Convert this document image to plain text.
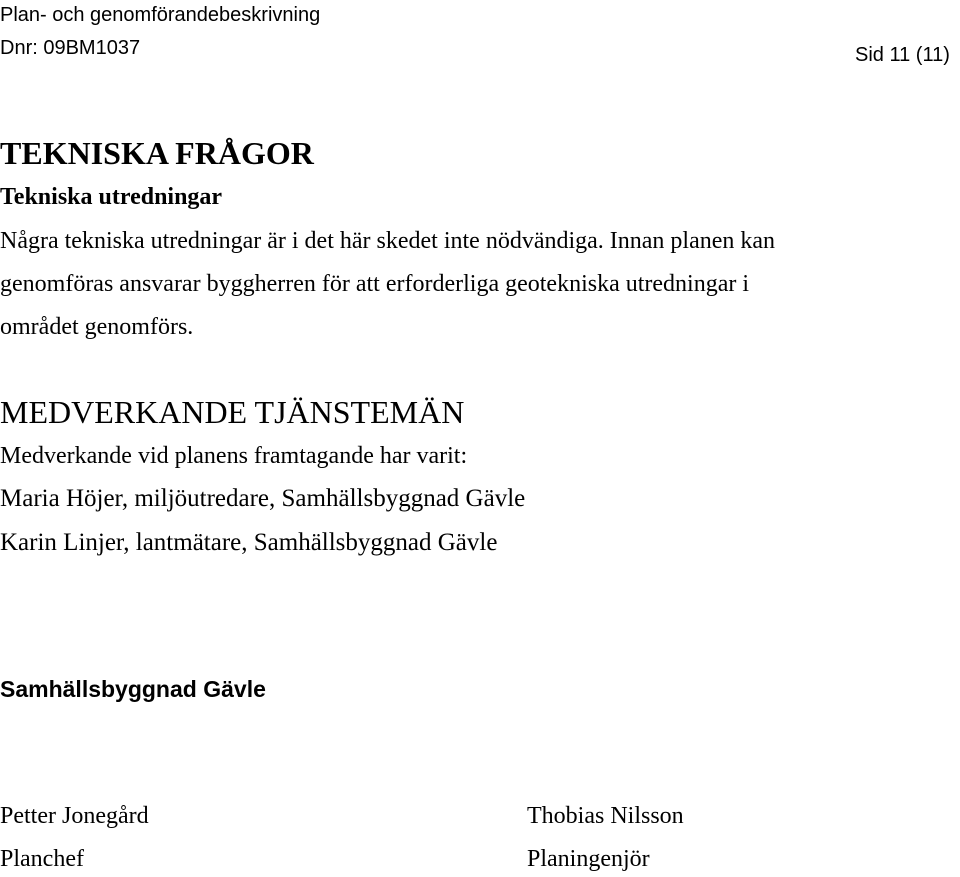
Plan- och genomförandebeskrivning
Dnr: 09BM1037	Sid 11 (11)
TEKNISKA FRÅGOR
Tekniska utredningar

Några tekniska utredningar är i det här skedet inte nödvändiga. Innan planen kan

genomföras ansvarar byggherren för att erforderliga geotekniska utredningar i

området genomförs.

MEDVERKANDE TJÄNSTEMÄN

Medverkande vid planens framtagande har varit:

Maria Höjer, miljöutredare, Samhällsbyggnad Gävle

Karin Linjer, lantmätare, Samhällsbyggnad Gävle

Samhällsbyggnad Gävle

Petter Jonegård

Planchef

Thobias Nilsson

Planingenjör
